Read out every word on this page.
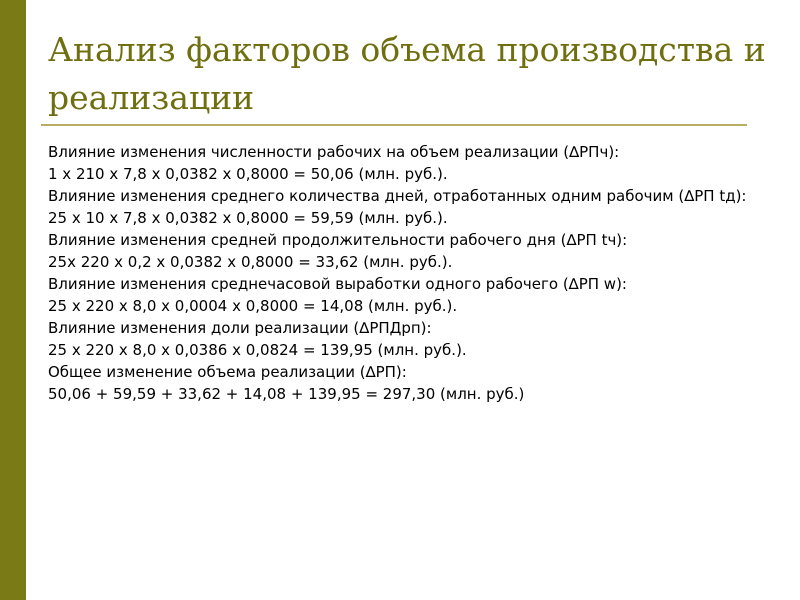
Анализ факторов объема производства и реализации
Влияние изменения численности рабочих на объем реализации (∆РПч):
1 х 210 х 7,8 х 0,0382 х 0,8000 = 50,06 (млн. руб.).
Влияние изменения среднего количества дней, отработанных одним рабочим (∆РП tд):
25 х 10 х 7,8 х 0,0382 х 0,8000 = 59,59 (млн. руб.).
Влияние изменения средней продолжительности рабочего дня (∆РП tч):
25х 220 х 0,2 х 0,0382 х 0,8000 = 33,62 (млн. руб.).
Влияние изменения среднечасовой выработки одного рабочего (∆РП w):
25 х 220 х 8,0 х 0,0004 х 0,8000 = 14,08 (млн. руб.).
Влияние изменения доли реализации (∆РПДрп):
25 х 220 х 8,0 х 0,0386 х 0,0824 = 139,95 (млн. руб.).
Общее изменение объема реализации (∆РП):
50,06 + 59,59 + 33,62 + 14,08 + 139,95 = 297,30 (млн. руб.)
